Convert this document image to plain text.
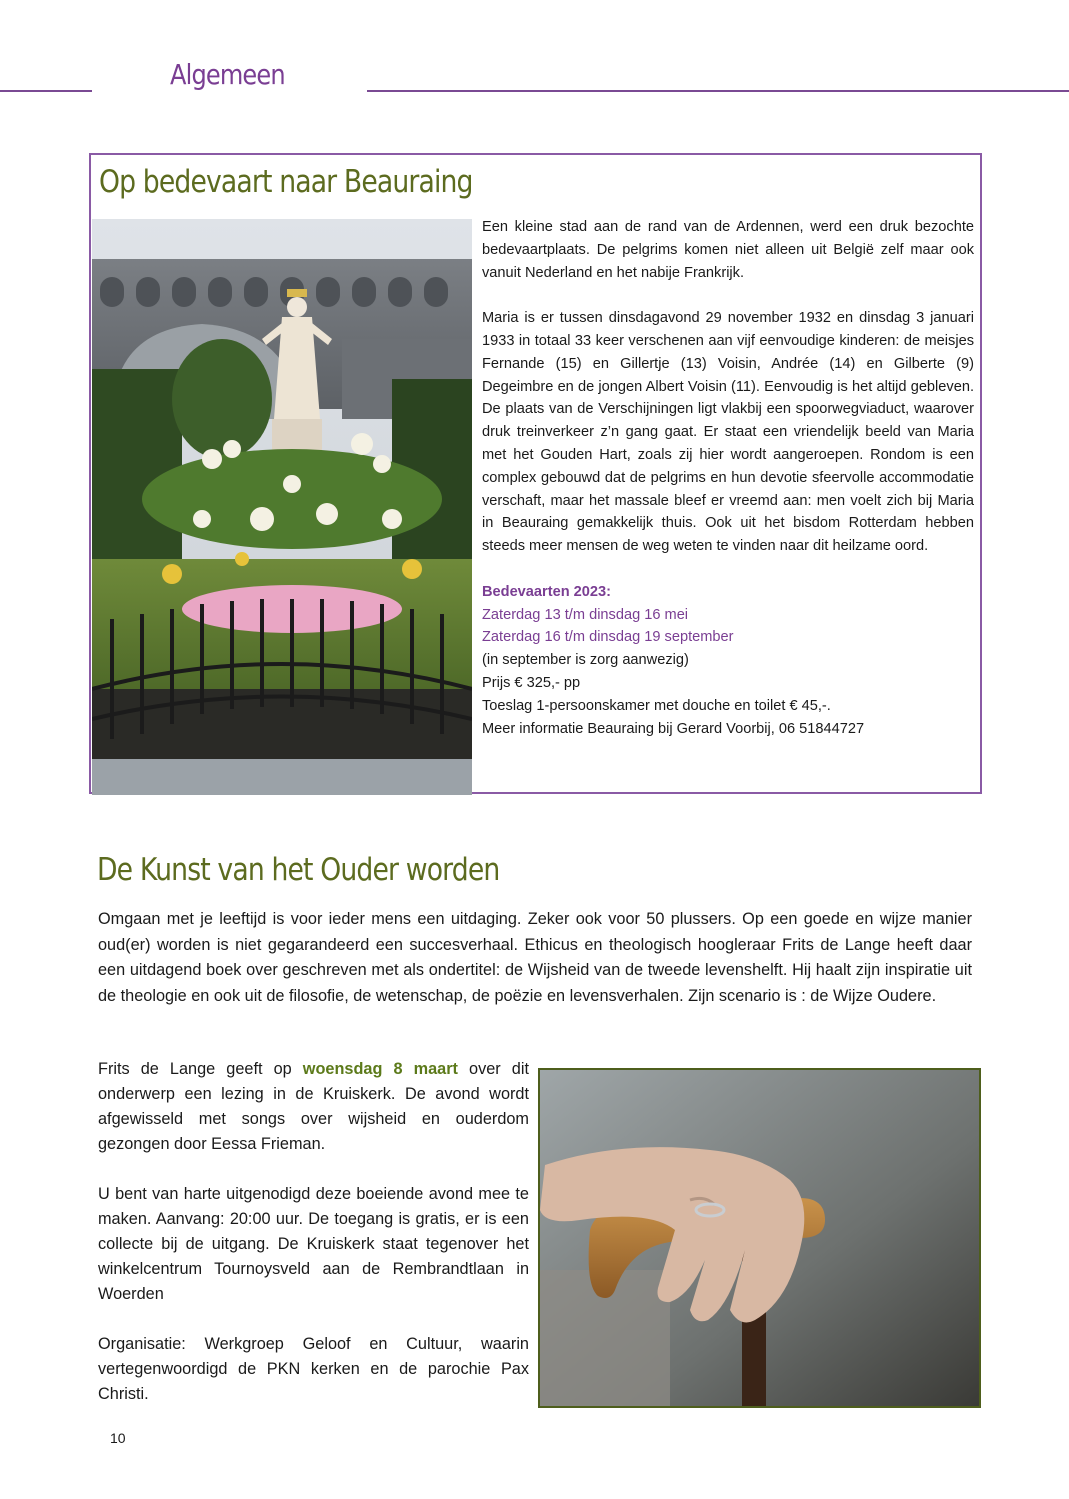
Algemeen
Op bedevaart naar Beauraing

Een kleine stad aan de rand van de Ardennen, werd een druk bezochte bedevaartplaats. De pelgrims komen niet alleen uit België zelf maar ook vanuit Nederland en het nabije Frankrijk.

Maria is er tussen dinsdagavond 29 november 1932 en dinsdag 3 januari 1933 in totaal 33 keer verschenen aan vijf eenvoudige kinderen: de meisjes Fernande (15) en Gillertje (13) Voisin, Andrée (14) en Gilberte (9) Degeimbre en de jongen Albert Voisin (11). Eenvoudig is het altijd gebleven. De plaats van de Verschijningen ligt vlakbij een spoorwegviaduct, waarover druk treinverkeer z’n gang gaat. Er staat een vriendelijk beeld van Maria met het Gouden Hart, zoals zij hier wordt aangeroepen. Rondom is een complex gebouwd dat de pelgrims en hun devotie sfeervolle accommodatie verschaft, maar het massale bleef er vreemd aan: men voelt zich bij Maria in Beauraing gemakkelijk thuis. Ook uit het bisdom Rotterdam hebben steeds meer mensen de weg weten te vinden naar dit heilzame oord.

Bedevaarten 2023:
Zaterdag 13 t/m dinsdag 16 mei
Zaterdag 16 t/m dinsdag 19 september
(in september is zorg aanwezig)
Prijs € 325,- pp
Toeslag 1-persoonskamer met douche en toilet € 45,-.
Meer informatie Beauraing bij Gerard Voorbij, 06 51844727
De Kunst van het Ouder worden
Omgaan met je leeftijd is voor ieder mens een uitdaging. Zeker ook voor 50 plussers. Op een goede en wijze manier oud(er) worden is niet gegarandeerd een succesverhaal. Ethicus en theologisch hoogleraar Frits de Lange heeft daar een uitdagend boek over geschreven met als ondertitel: de Wijsheid van de tweede levenshelft. Hij haalt zijn inspiratie uit de theologie en ook uit de filosofie, de wetenschap, de poëzie en levensverhalen. Zijn scenario is : de Wijze Oudere.

Frits de Lange geeft op woensdag 8 maart over dit onderwerp een lezing in de Kruiskerk. De avond wordt afgewisseld met songs over wijsheid en ouderdom gezongen door Eessa Frieman.

U bent van harte uitgenodigd deze boeiende avond mee te maken. Aanvang: 20:00 uur. De toegang is gratis, er is een collecte bij de uitgang. De Kruiskerk staat tegenover het winkelcentrum Tournoysveld aan de Rembrandtlaan in Woerden

Organisatie: Werkgroep Geloof en Cultuur, waarin vertegenwoordigd de PKN kerken en de parochie Pax Christi.

10
